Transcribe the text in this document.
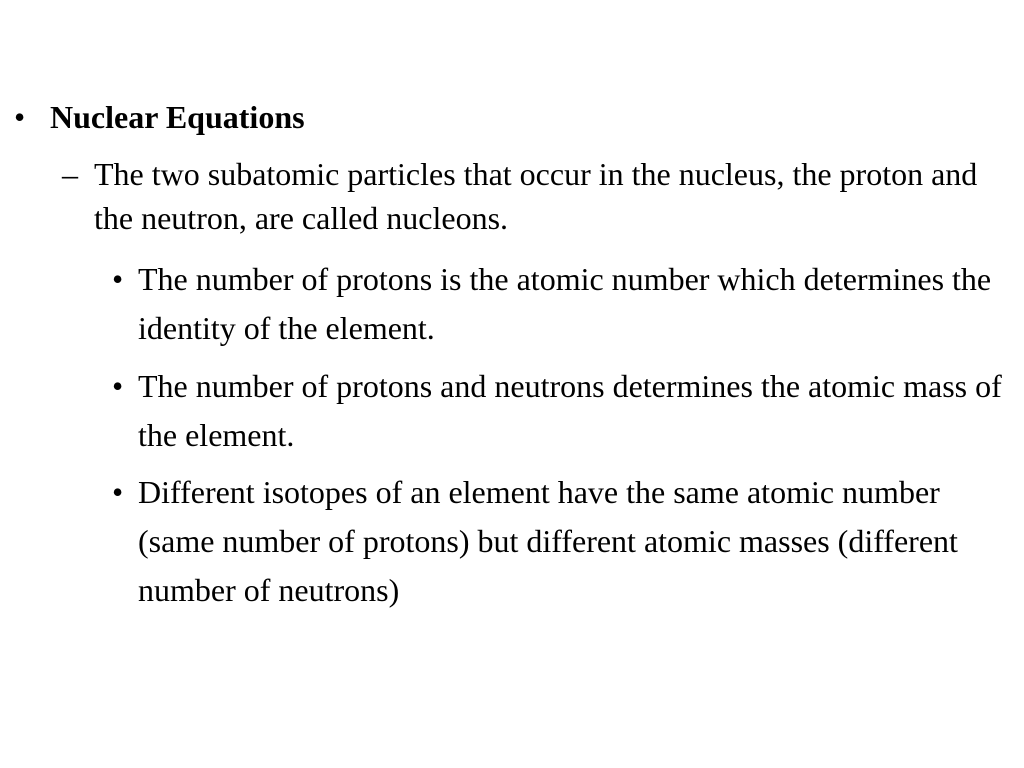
• Nuclear Equations
– The two subatomic particles that occur in the nucleus, the proton and the neutron, are called nucleons.
• The number of protons is the atomic number which determines the identity of the element.
• The number of protons and neutrons determines the atomic mass of the element.
• Different isotopes of an element have the same atomic number (same number of protons) but different atomic masses (different number of neutrons)
